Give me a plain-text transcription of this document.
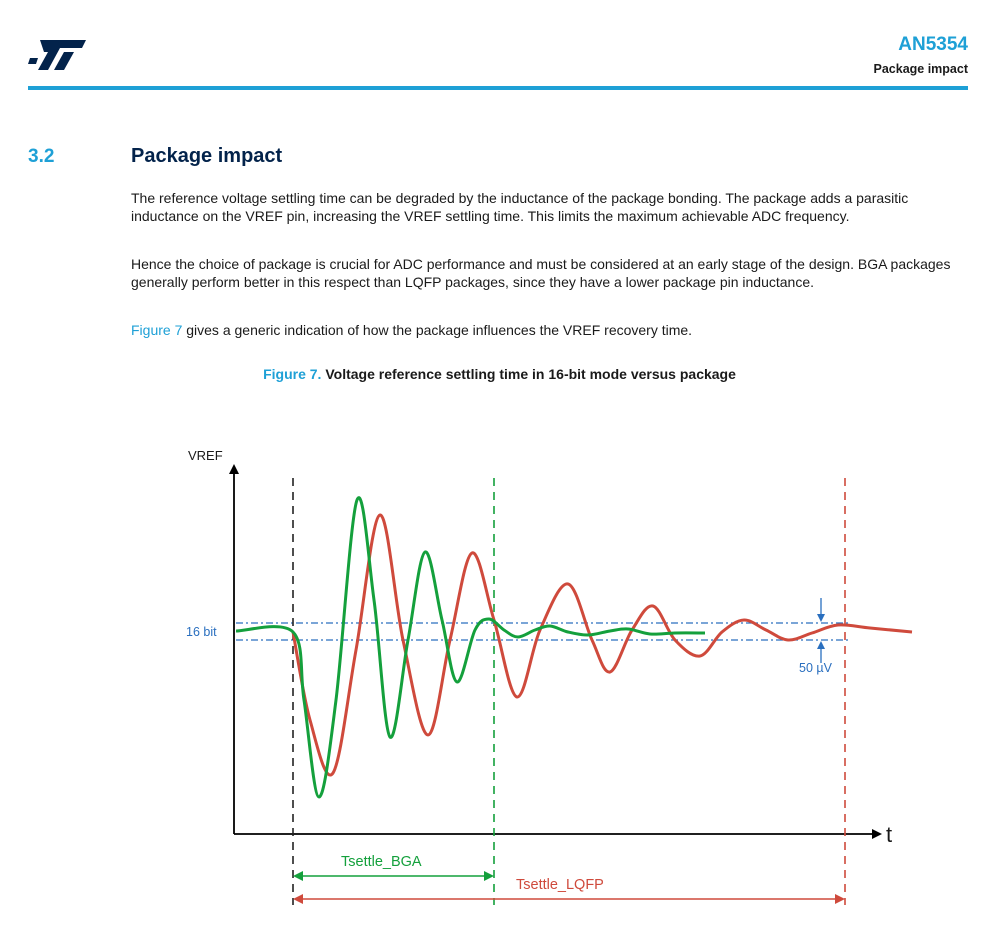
AN5354
Package impact
3.2	Package impact
The reference voltage settling time can be degraded by the inductance of the package bonding. The package adds a parasitic inductance on the VREF pin, increasing the VREF settling time. This limits the maximum achievable ADC frequency.
Hence the choice of package is crucial for ADC performance and must be considered at an early stage of the design. BGA packages generally perform better in this respect than LQFP packages, since they have a lower package pin inductance.
Figure 7 gives a generic indication of how the package influences the VREF recovery time.
Figure 7. Voltage reference settling time in 16-bit mode versus package
VREF
t
16 bit
50 µV
Tsettle_BGA
Tsettle_LQFP
